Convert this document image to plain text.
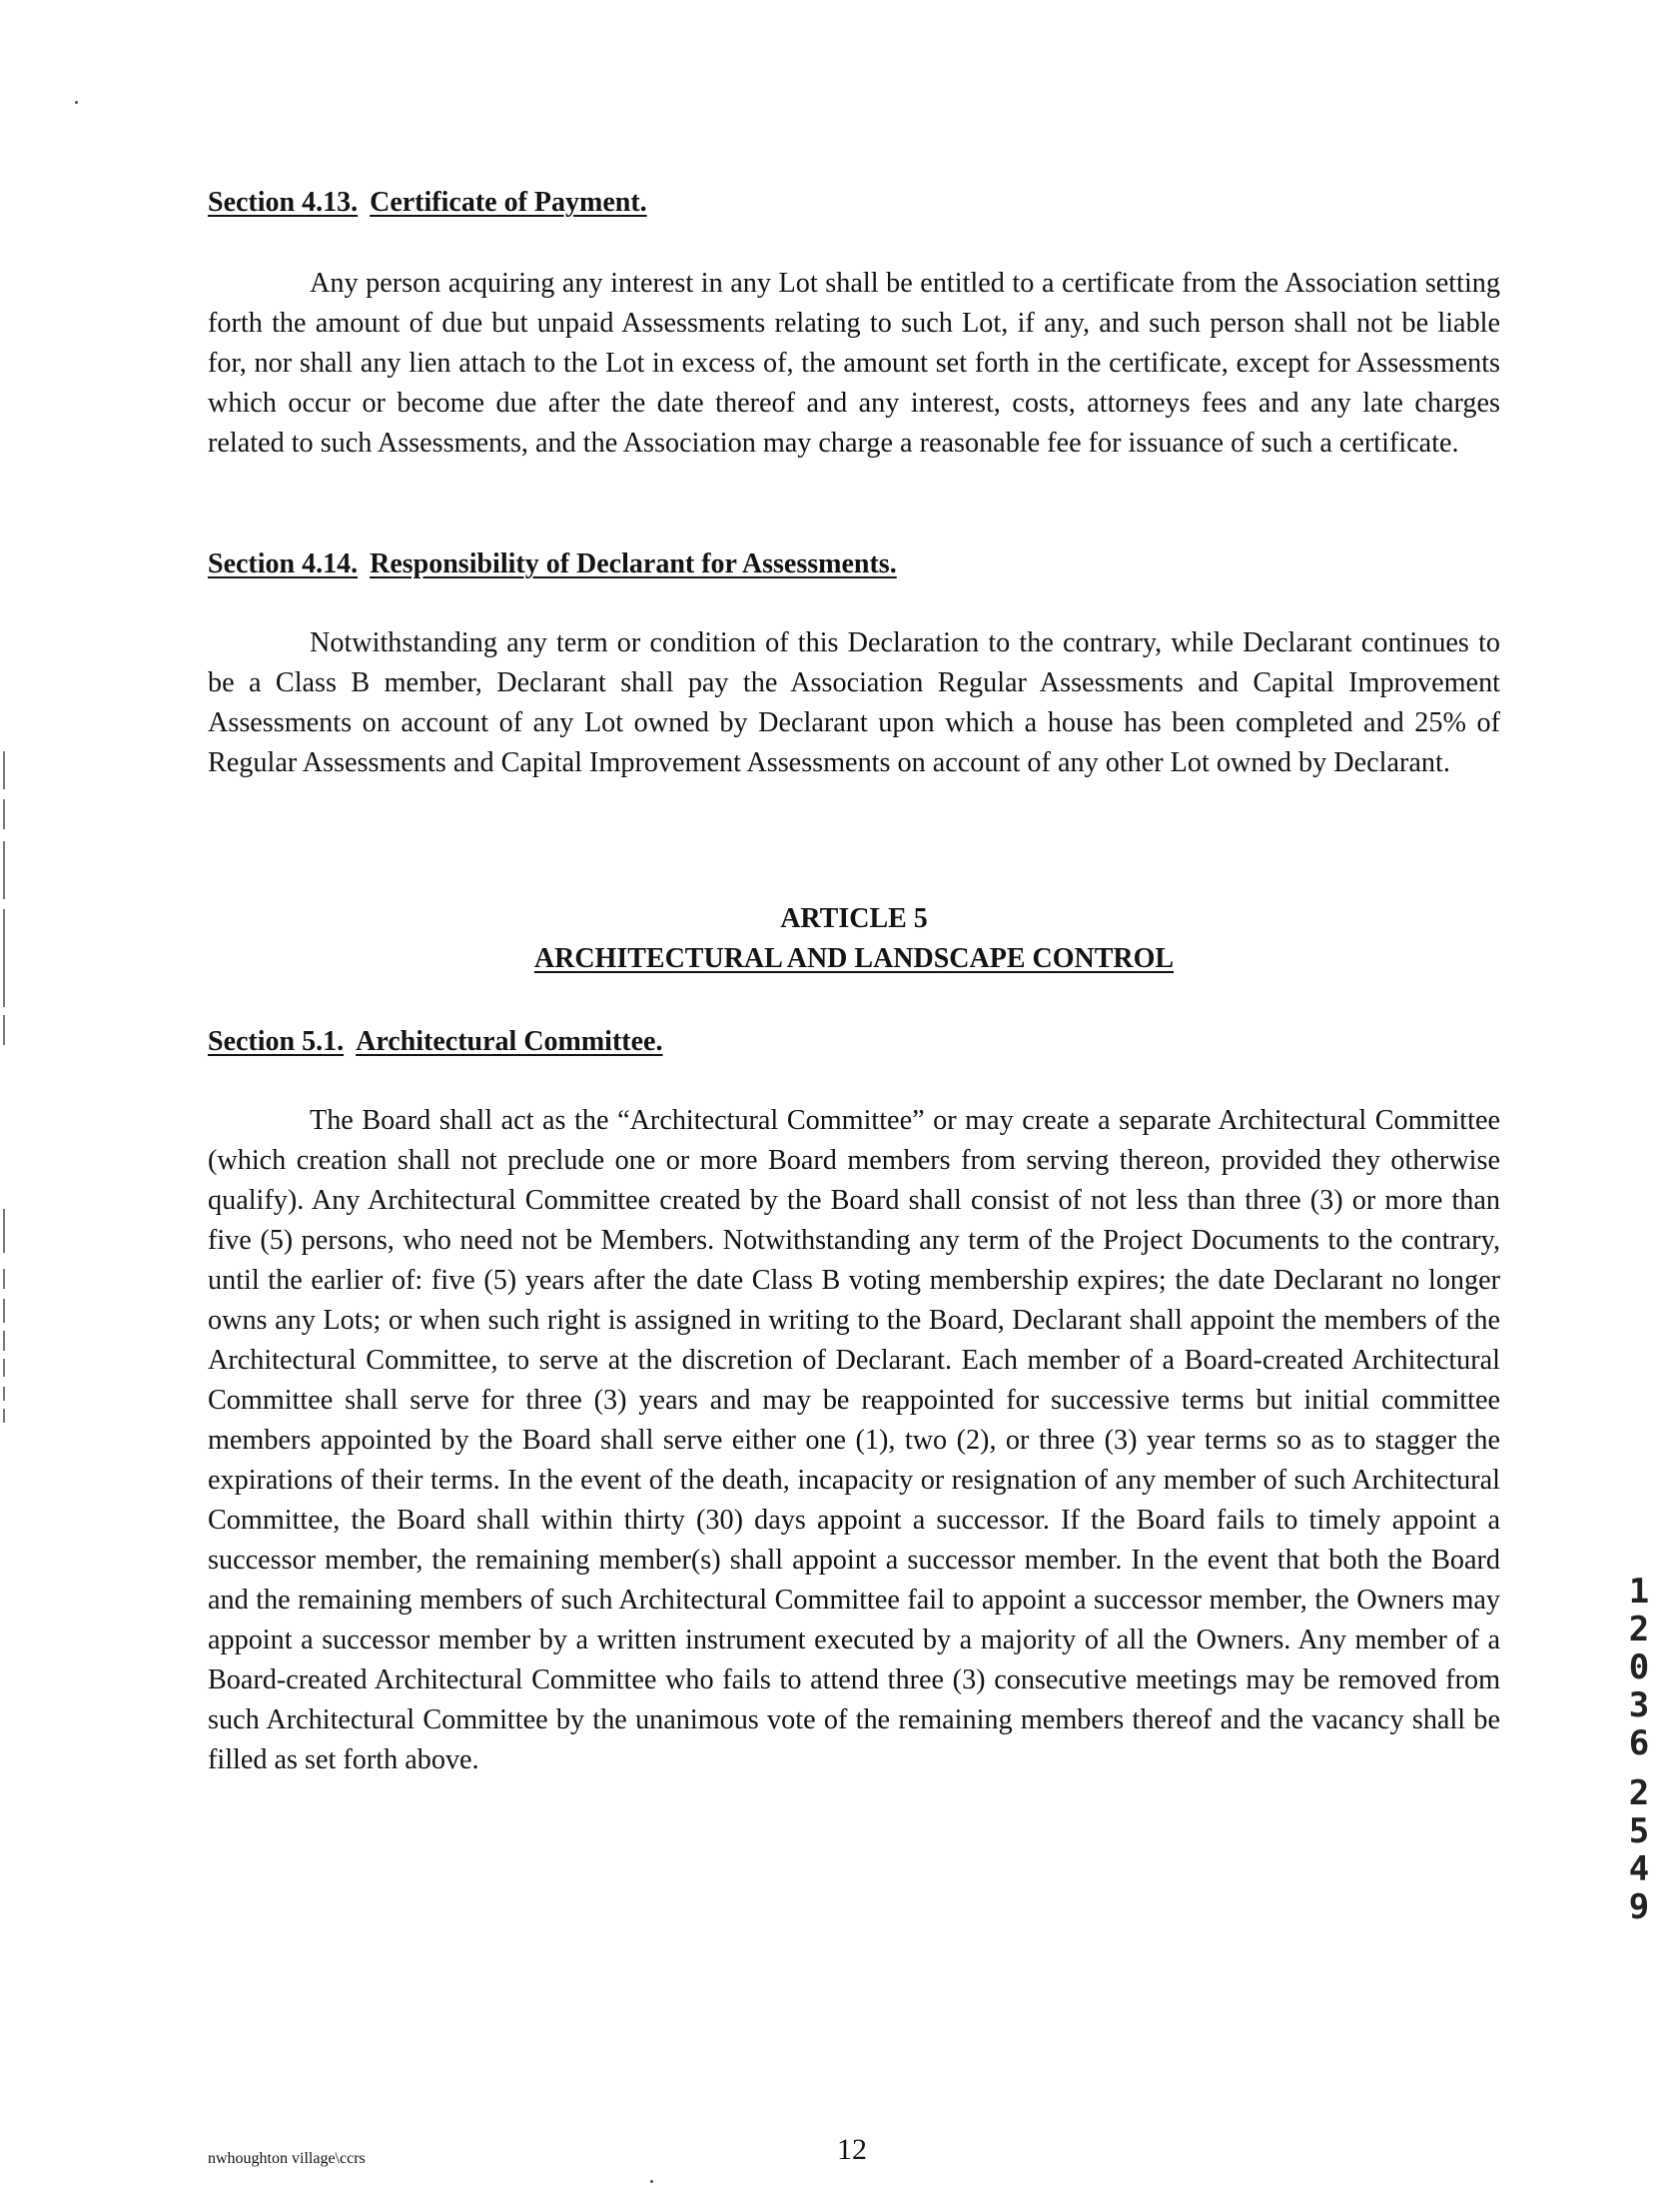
Section 4.13. Certificate of Payment.

Any person acquiring any interest in any Lot shall be entitled to a certificate from the Association setting forth the amount of due but unpaid Assessments relating to such Lot, if any, and such person shall not be liable for, nor shall any lien attach to the Lot in excess of, the amount set forth in the certificate, except for Assessments which occur or become due after the date thereof and any interest, costs, attorneys fees and any late charges related to such Assessments, and the Association may charge a reasonable fee for issuance of such a certificate.

Section 4.14. Responsibility of Declarant for Assessments.

Notwithstanding any term or condition of this Declaration to the contrary, while Declarant continues to be a Class B member, Declarant shall pay the Association Regular Assessments and Capital Improvement Assessments on account of any Lot owned by Declarant upon which a house has been completed and 25% of Regular Assessments and Capital Improvement Assessments on account of any other Lot owned by Declarant.

ARTICLE 5
ARCHITECTURAL AND LANDSCAPE CONTROL
Section 5.1. Architectural Committee.

The Board shall act as the “Architectural Committee” or may create a separate Architectural Committee (which creation shall not preclude one or more Board members from serving thereon, provided they otherwise qualify). Any Architectural Committee created by the Board shall consist of not less than three (3) or more than five (5) persons, who need not be Members. Notwithstanding any term of the Project Documents to the contrary, until the earlier of: five (5) years after the date Class B voting membership expires; the date Declarant no longer owns any Lots; or when such right is assigned in writing to the Board, Declarant shall appoint the members of the Architectural Committee, to serve at the discretion of Declarant. Each member of a Board-created Architectural Committee shall serve for three (3) years and may be reappointed for successive terms but initial committee members appointed by the Board shall serve either one (1), two (2), or three (3) year terms so as to stagger the expirations of their terms. In the event of the death, incapacity or resignation of any member of such Architectural Committee, the Board shall within thirty (30) days appoint a successor. If the Board fails to timely appoint a successor member, the remaining member(s) shall appoint a successor member. In the event that both the Board and the remaining members of such Architectural Committee fail to appoint a successor member, the Owners may appoint a successor member by a written instrument executed by a majority of all the Owners. Any member of a Board-created Architectural Committee who fails to attend three (3) consecutive meetings may be removed from such Architectural Committee by the unanimous vote of the remaining members thereof and the vacancy shall be filled as set forth above.

1
2
0
3
6
2
5
4
9
nwhoughton village\ccrs	12
